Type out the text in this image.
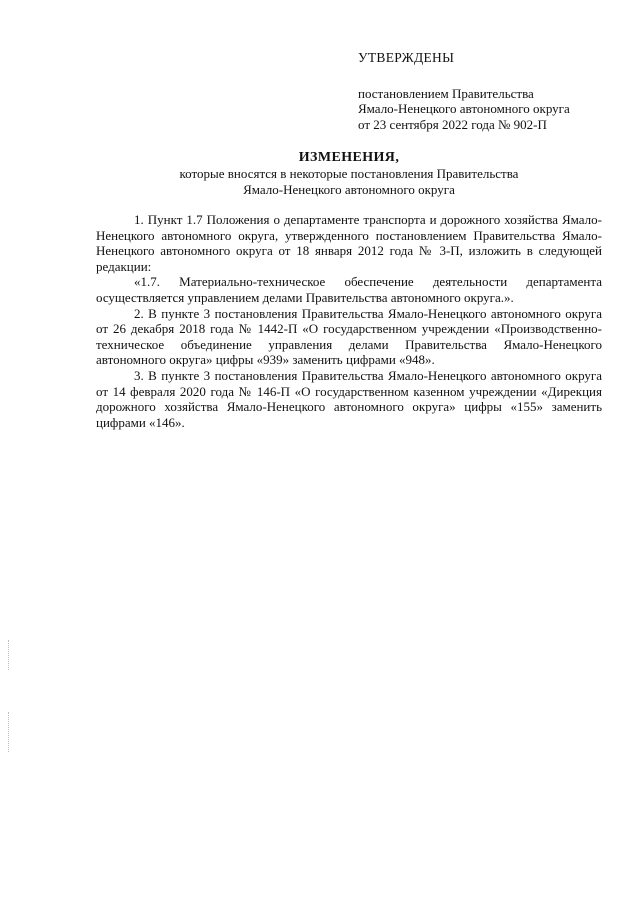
УТВЕРЖДЕНЫ
постановлением Правительства
Ямало-Ненецкого автономного округа
от 23 сентября 2022 года № 902-П
ИЗМЕНЕНИЯ,
которые вносятся в некоторые постановления Правительства
Ямало-Ненецкого автономного округа

1. Пункт 1.7 Положения о департаменте транспорта и дорожного хозяйства Ямало-Ненецкого автономного округа, утвержденного постановлением Правительства Ямало-Ненецкого автономного округа от 18 января 2012 года № 3-П, изложить в следующей редакции:

«1.7. Материально-техническое обеспечение деятельности департамента осуществляется управлением делами Правительства автономного округа.».

2. В пункте 3 постановления Правительства Ямало-Ненецкого автономного округа от 26 декабря 2018 года № 1442-П «О государственном учреждении «Производственно-техническое объединение управления делами Правительства Ямало-Ненецкого автономного округа» цифры «939» заменить цифрами «948».

3. В пункте 3 постановления Правительства Ямало-Ненецкого автономного округа от 14 февраля 2020 года № 146-П «О государственном казенном учреждении «Дирекция дорожного хозяйства Ямало-Ненецкого автономного округа» цифры «155» заменить цифрами «146».
